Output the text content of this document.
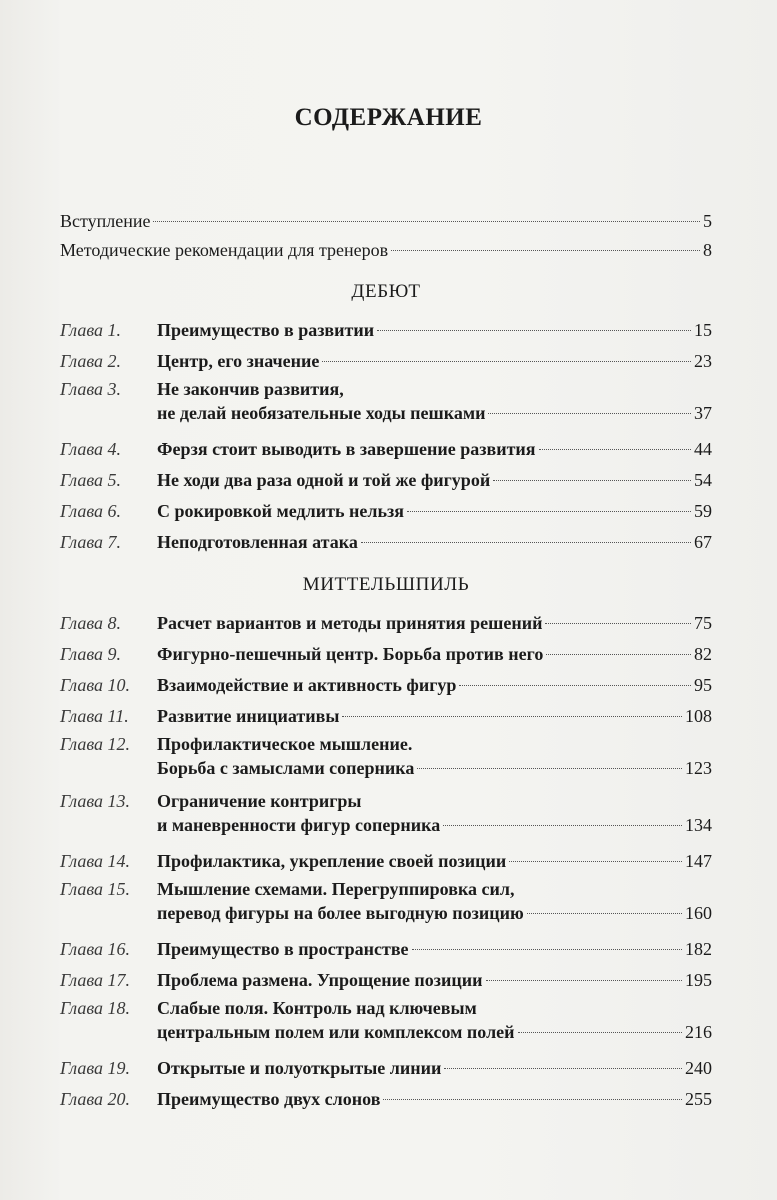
СОДЕРЖАНИЕ
Вступление	5
Методические рекомендации для тренеров	8
ДЕБЮТ
Глава 1.	Преимущество в развитии	15
Глава 2.	Центр, его значение	23
Глава 3.	Не закончив развития,
не делай необязательные ходы пешками	37
Глава 4.	Ферзя стоит выводить в завершение развития	44
Глава 5.	Не ходи два раза одной и той же фигурой	54
Глава 6.	С рокировкой медлить нельзя	59
Глава 7.	Неподготовленная атака	67
МИТТЕЛЬШПИЛЬ
Глава 8.	Расчет вариантов и методы принятия решений	75
Глава 9.	Фигурно-пешечный центр. Борьба против него	82
Глава 10.	Взаимодействие и активность фигур	95
Глава 11.	Развитие инициативы	108
Глава 12.	Профилактическое мышление.
Борьба с замыслами соперника	123
Глава 13.	Ограничение контригры
и маневренности фигур соперника	134
Глава 14.	Профилактика, укрепление своей позиции	147
Глава 15.	Мышление схемами. Перегруппировка сил,
перевод фигуры на более выгодную позицию	160
Глава 16.	Преимущество в пространстве	182
Глава 17.	Проблема размена. Упрощение позиции	195
Глава 18.	Слабые поля. Контроль над ключевым
центральным полем или комплексом полей	216
Глава 19.	Открытые и полуоткрытые линии	240
Глава 20.	Преимущество двух слонов	255
